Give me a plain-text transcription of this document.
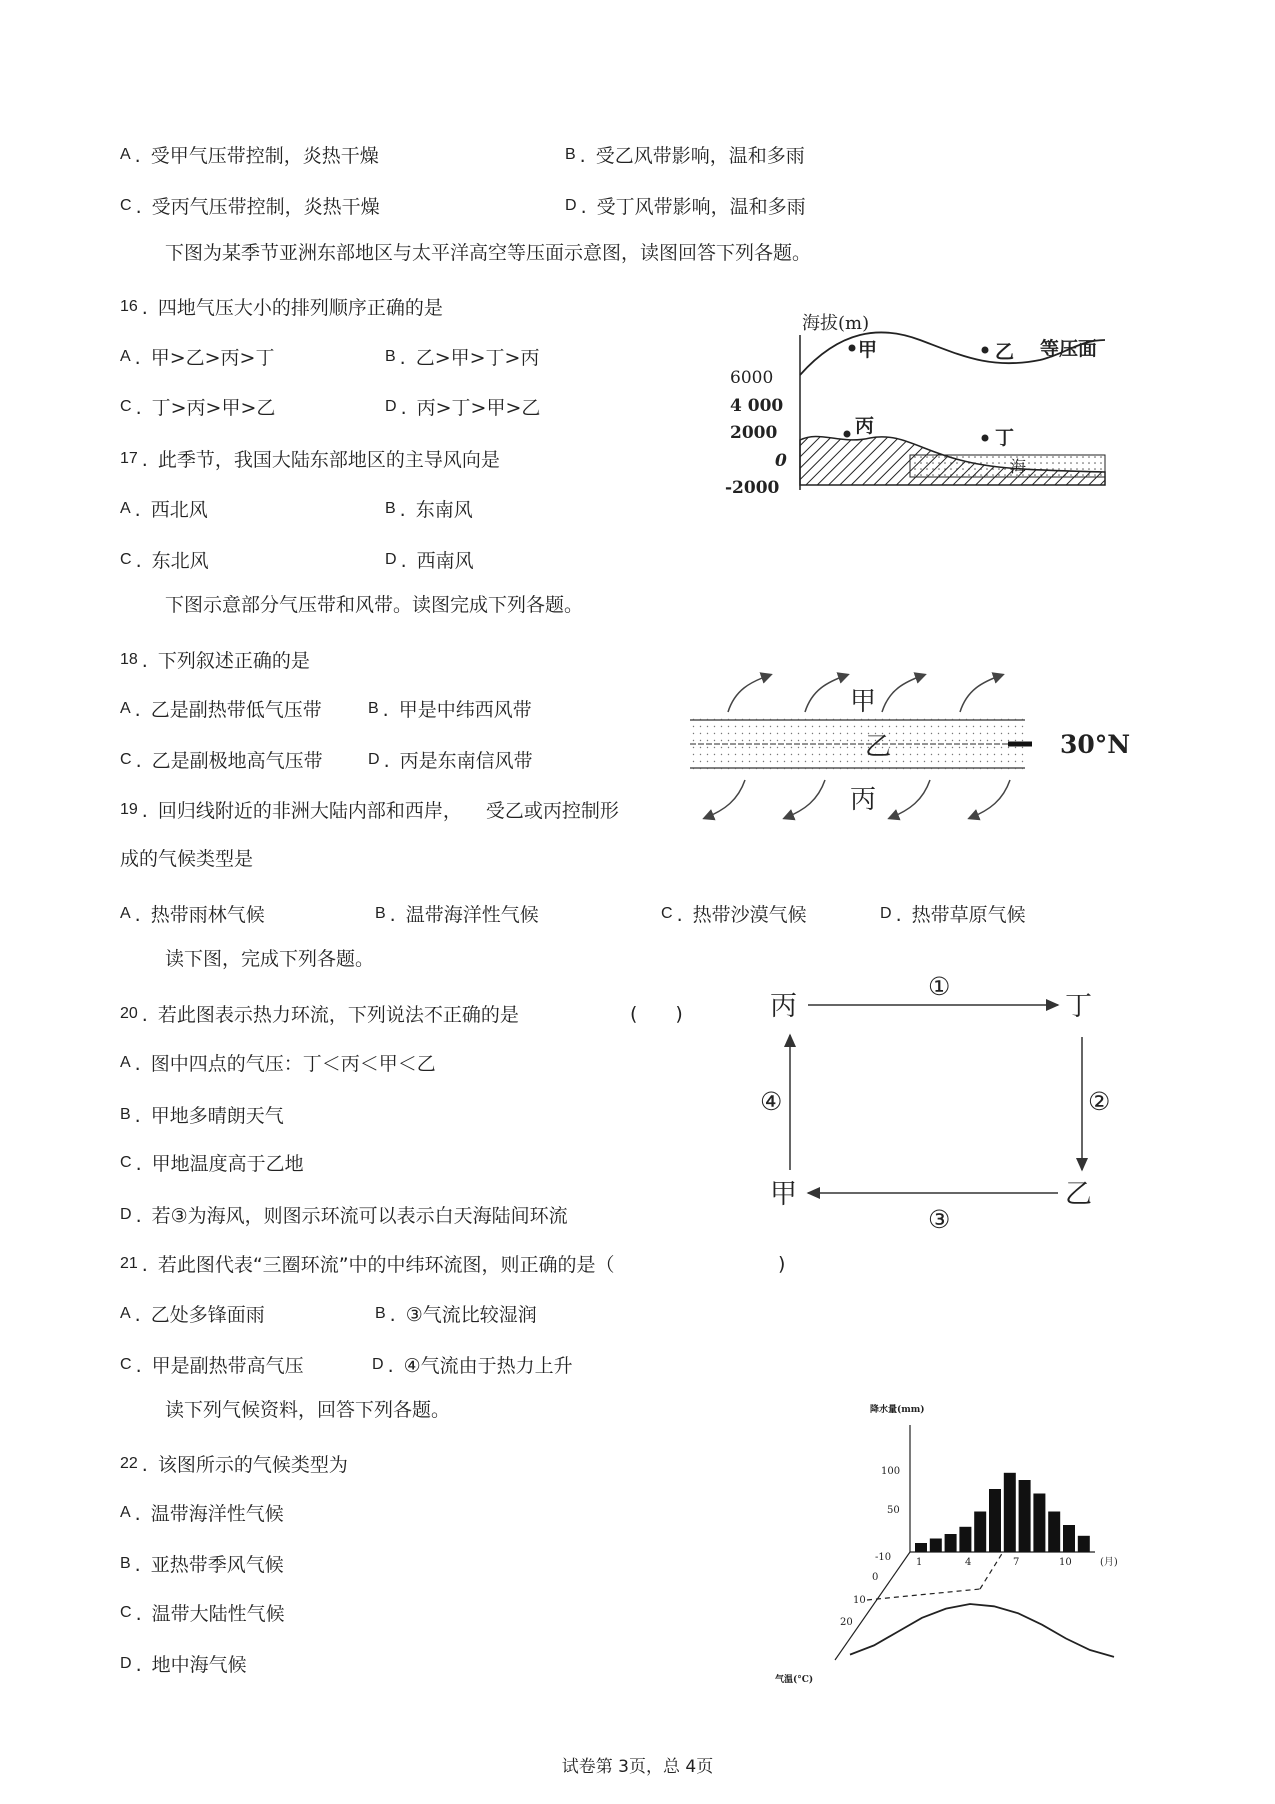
A . 受甲气压带控制，炎热干燥	B . 受乙风带影响，温和多雨
C . 受丙气压带控制，炎热干燥	D . 受丁风带影响，温和多雨
下图为某季节亚洲东部地区与太平洋高空等压面示意图，读图回答下列各题。
16 . 四地气压大小的排列顺序正确的是
A . 甲>乙>丙>丁	B . 乙>甲>丁>丙
C . 丁>丙>甲>乙	D . 丙>丁>甲>乙
17 . 此季节，我国大陆东部地区的主导风向是
A . 西北风	B . 东南风
C . 东北风	D . 西南风
下图示意部分气压带和风带。读图完成下列各题。
18 . 下列叙述正确的是
A . 乙是副热带低气压带	B . 甲是中纬西风带
C . 乙是副极地高气压带	D . 丙是东南信风带
19 . 回归线附近的非洲大陆内部和西岸， 受乙或丙控制形
成的气候类型是
A . 热带雨林气候	B . 温带海洋性气候	C . 热带沙漠气候	D . 热带草原气候
读下图，完成下列各题。
20 . 若此图表示热力环流，下列说法不正确的是	(　　)
A . 图中四点的气压：丁＜丙＜甲＜乙
B . 甲地多晴朗天气
C . 甲地温度高于乙地
D . 若③为海风，则图示环流可以表示白天海陆间环流
21 . 若此图代表“三圈环流”中的中纬环流图，则正确的是（	)
A . 乙处多锋面雨	B . ③气流比较湿润
C . 甲是副热带高气压	D . ④气流由于热力上升
读下列气候资料，回答下列各题。
22 . 该图所示的气候类型为
A . 温带海洋性气候
B . 亚热带季风气候
C . 温带大陆性气候
D . 地中海气候
海拔(m)
6000
4 000
2000
0
-2000
等压面
甲	乙
海
丙
丁
甲
乙	30°N
丙
丙	丁
乙
甲
①
②
③
④
降水量(mm)
100
50
1	4	7	10	(月)
-10
0
10
20
气温(°C)
试卷第 3页，总 4页
